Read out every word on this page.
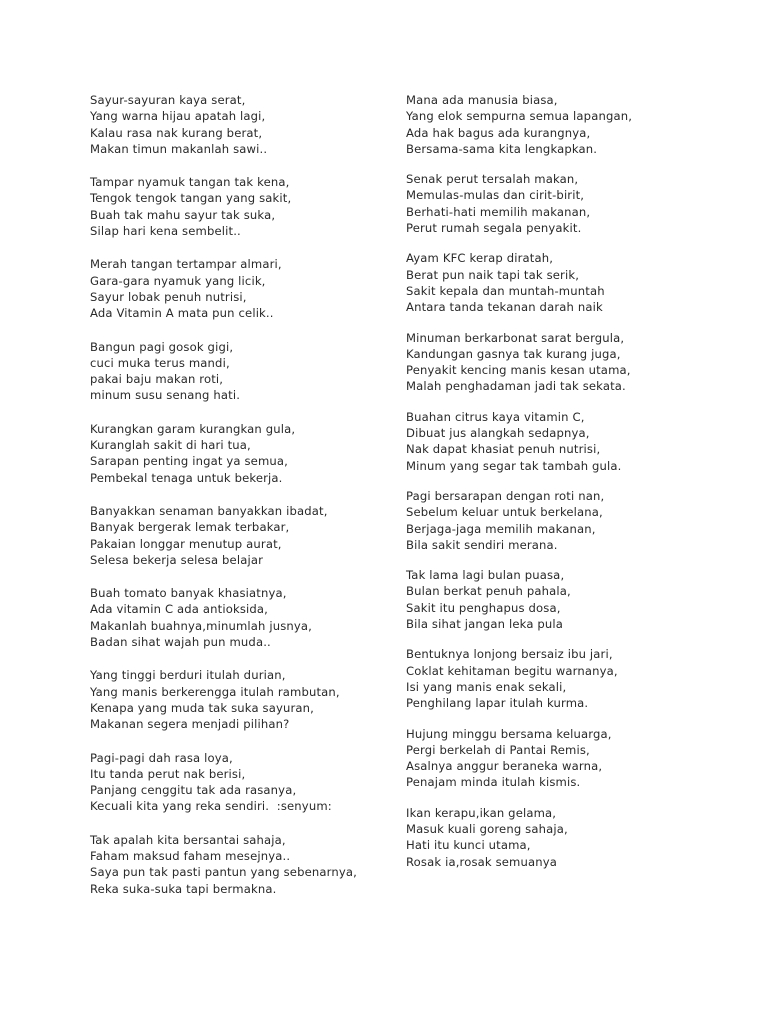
Sayur-sayuran kaya serat,
Yang warna hijau apatah lagi,
Kalau rasa nak kurang berat,
Makan timun makanlah sawi..
Tampar nyamuk tangan tak kena,
Tengok tengok tangan yang sakit,
Buah tak mahu sayur tak suka,
Silap hari kena sembelit..
Merah tangan tertampar almari,
Gara-gara nyamuk yang licik,
Sayur lobak penuh nutrisi,
Ada Vitamin A mata pun celik..
Bangun pagi gosok gigi,
cuci muka terus mandi,
pakai baju makan roti,
minum susu senang hati.
Kurangkan garam kurangkan gula,
Kuranglah sakit di hari tua,
Sarapan penting ingat ya semua,
Pembekal tenaga untuk bekerja.
Banyakkan senaman banyakkan ibadat,
Banyak bergerak lemak terbakar,
Pakaian longgar menutup aurat,
Selesa bekerja selesa belajar
Buah tomato banyak khasiatnya,
Ada vitamin C ada antioksida,
Makanlah buahnya,minumlah jusnya,
Badan sihat wajah pun muda..
Yang tinggi berduri itulah durian,
Yang manis berkerengga itulah rambutan,
Kenapa yang muda tak suka sayuran,
Makanan segera menjadi pilihan?
Pagi-pagi dah rasa loya,
Itu tanda perut nak berisi,
Panjang cenggitu tak ada rasanya,
Kecuali kita yang reka sendiri.  :senyum:
Tak apalah kita bersantai sahaja,
Faham maksud faham mesejnya..
Saya pun tak pasti pantun yang sebenarnya,
Reka suka-suka tapi bermakna.
Mana ada manusia biasa,
Yang elok sempurna semua lapangan,
Ada hak bagus ada kurangnya,
Bersama-sama kita lengkapkan.
Senak perut tersalah makan,
Memulas-mulas dan cirit-birit,
Berhati-hati memilih makanan,
Perut rumah segala penyakit.
Ayam KFC kerap diratah,
Berat pun naik tapi tak serik,
Sakit kepala dan muntah-muntah
Antara tanda tekanan darah naik
Minuman berkarbonat sarat bergula,
Kandungan gasnya tak kurang juga,
Penyakit kencing manis kesan utama,
Malah penghadaman jadi tak sekata.
Buahan citrus kaya vitamin C,
Dibuat jus alangkah sedapnya,
Nak dapat khasiat penuh nutrisi,
Minum yang segar tak tambah gula.
Pagi bersarapan dengan roti nan,
Sebelum keluar untuk berkelana,
Berjaga-jaga memilih makanan,
Bila sakit sendiri merana.
Tak lama lagi bulan puasa,
Bulan berkat penuh pahala,
Sakit itu penghapus dosa,
Bila sihat jangan leka pula
Bentuknya lonjong bersaiz ibu jari,
Coklat kehitaman begitu warnanya,
Isi yang manis enak sekali,
Penghilang lapar itulah kurma.
Hujung minggu bersama keluarga,
Pergi berkelah di Pantai Remis,
Asalnya anggur beraneka warna,
Penajam minda itulah kismis.
Ikan kerapu,ikan gelama,
Masuk kuali goreng sahaja,
Hati itu kunci utama,
Rosak ia,rosak semuanya
